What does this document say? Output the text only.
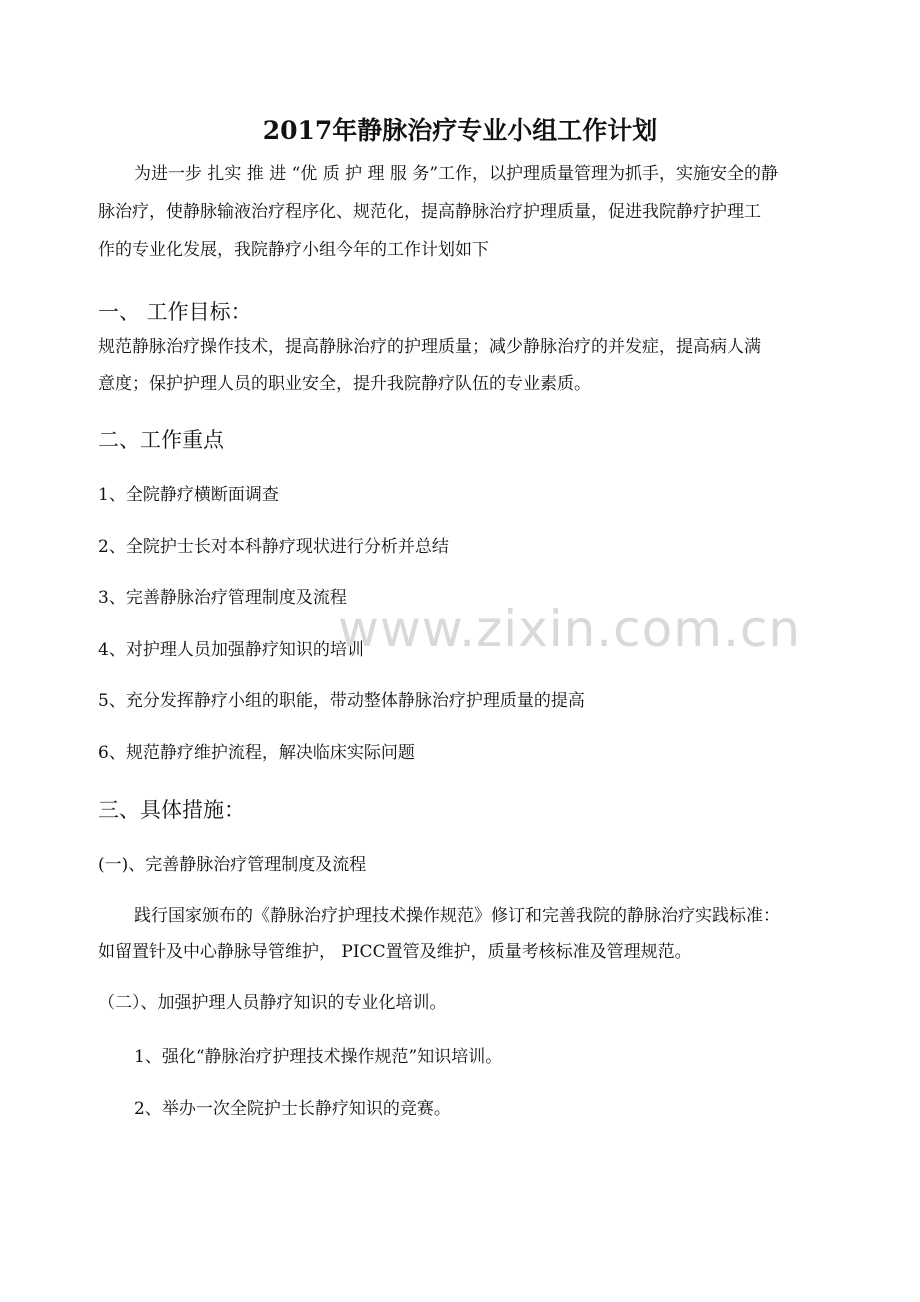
2017年静脉治疗专业小组工作计划
为进一步 扎实 推 进 “优 质 护 理 服 务”工作，以护理质量管理为抓手，实施安全的静
脉治疗，使静脉输液治疗程序化、规范化，提高静脉治疗护理质量，促进我院静疗护理工
作的专业化发展，我院静疗小组今年的工作计划如下
一、 工作目标：
规范静脉治疗操作技术，提高静脉治疗的护理质量；减少静脉治疗的并发症，提高病人满
意度；保护护理人员的职业安全，提升我院静疗队伍的专业素质。
二、工作重点
1、全院静疗横断面调查
2、全院护士长对本科静疗现状进行分析并总结
3、完善静脉治疗管理制度及流程
4、对护理人员加强静疗知识的培训
5、充分发挥静疗小组的职能，带动整体静脉治疗护理质量的提高
6、规范静疗维护流程，解决临床实际问题
三、具体措施：
(一)、完善静脉治疗管理制度及流程
践行国家颁布的《静脉治疗护理技术操作规范》修订和完善我院的静脉治疗实践标准：
如留置针及中心静脉导管维护， PICC置管及维护，质量考核标准及管理规范。
（二）、加强护理人员静疗知识的专业化培训。
1、强化“静脉治疗护理技术操作规范”知识培训。
2、举办一次全院护士长静疗知识的竞赛。
www.zixin.com.cn
